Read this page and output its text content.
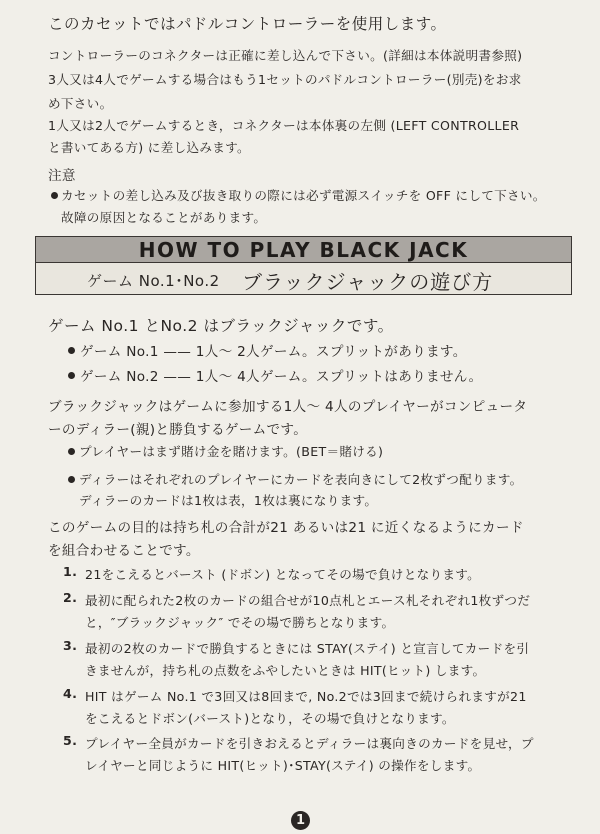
このカセットではパドルコントローラーを使用します。
コントローラーのコネクターは正確に差し込んで下さい。(詳細は本体説明書参照)
3人又は4人でゲームする場合はもう1セットのパドルコントローラー(別売)をお求
め下さい。
1人又は2人でゲームするとき，コネクターは本体裏の左側 (LEFT CONTROLLER
と書いてある方) に差し込みます。
注意
カセットの差し込み及び抜き取りの際には必ず電源スイッチを OFF にして下さい。
故障の原因となることがあります。
HOW TO PLAY BLACK JACK
ゲーム No.1･No.2 ブラックジャックの遊び方
ゲーム No.1 とNo.2 はブラックジャックです。
ゲーム No.1 —— 1人～ 2人ゲーム。スプリットがあります。
ゲーム No.2 —— 1人～ 4人ゲーム。スプリットはありません。
ブラックジャックはゲームに参加する1人～ 4人のプレイヤーがコンピュータ
ーのディラー(親)と勝負するゲームです。
プレイヤーはまず賭け金を賭けます。(BET＝賭ける)
ディラーはそれぞれのプレイヤーにカードを表向きにして2枚ずつ配ります。
ディラーのカードは1枚は表，1枚は裏になります。
このゲームの目的は持ち札の合計が21 あるいは21 に近くなるようにカード
を組合わせることです。
1. 21をこえるとバースト (ドボン) となってその場で負けとなります。
2. 最初に配られた2枚のカードの組合せが10点札とエース札それぞれ1枚ずつだ
と，″ブラックジャック″ でその場で勝ちとなります。
3. 最初の2枚のカードで勝負するときには STAY(ステイ) と宣言してカードを引
きませんが，持ち札の点数をふやしたいときは HIT(ヒット) します。
4. HIT はゲーム No.1 で3回又は8回まで, No.2では3回まで続けられますが21
をこえるとドボン(バースト)となり，その場で負けとなります。
5. プレイヤー全員がカードを引きおえるとディラーは裏向きのカードを見せ，プ
レイヤーと同じように HIT(ヒット)･STAY(ステイ) の操作をします。
1
